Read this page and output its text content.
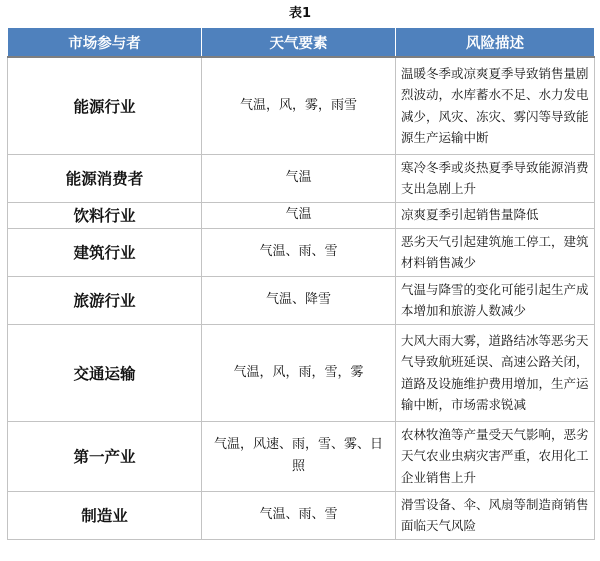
表1
市场参与者	天气要素	风险描述
能源行业	气温，风，雾，雨雪	温暖冬季或凉爽夏季导致销售量剧烈波动，水库蓄水不足、水力发电减少，风灾、冻灾、雾闪等导致能源生产运输中断
能源消费者	气温	寒冷冬季或炎热夏季导致能源消费支出急剧上升
饮料行业	气温	凉爽夏季引起销售量降低
建筑行业	气温、雨、雪	恶劣天气引起建筑施工停工，建筑材料销售减少
旅游行业	气温、降雪	气温与降雪的变化可能引起生产成本增加和旅游人数减少
交通运输	气温，风，雨，雪，雾	大风大雨大雾，道路结冰等恶劣天气导致航班延误、高速公路关闭，道路及设施维护费用增加，生产运输中断，市场需求锐减
第一产业	气温，风速、雨，雪、雾、日照	农林牧渔等产量受天气影响，恶劣天气农业虫病灾害严重，农用化工企业销售上升
制造业	气温、雨、雪	滑雪设备、伞、风扇等制造商销售面临天气风险
